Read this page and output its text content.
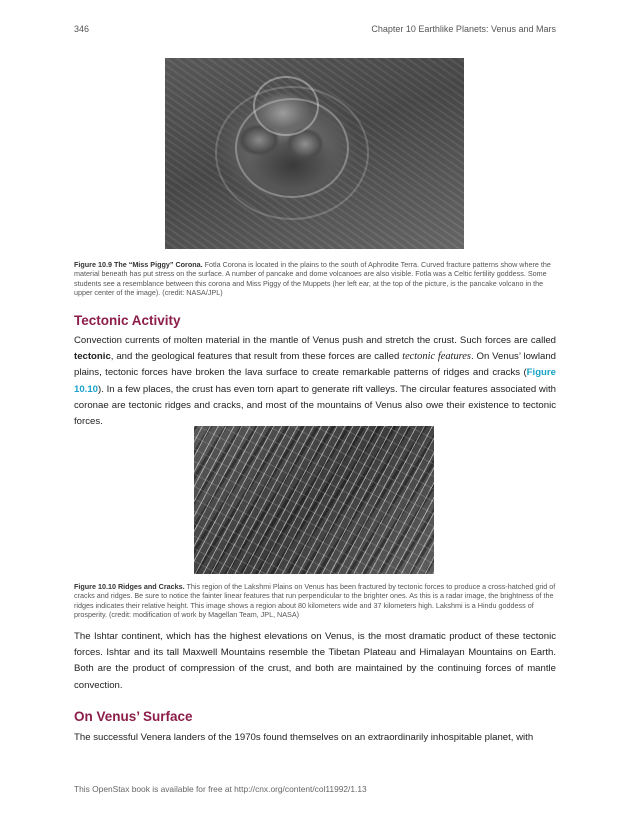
346	Chapter 10 Earthlike Planets: Venus and Mars
Figure 10.9 The “Miss Piggy” Corona. Fotla Corona is located in the plains to the south of Aphrodite Terra. Curved fracture patterns show where the material beneath has put stress on the surface. A number of pancake and dome volcanoes are also visible. Fotla was a Celtic fertility goddess. Some students see a resemblance between this corona and Miss Piggy of the Muppets (her left ear, at the top of the picture, is the pancake volcano in the upper center of the image). (credit: NASA/JPL)
Tectonic Activity

Convection currents of molten material in the mantle of Venus push and stretch the crust. Such forces are called tectonic, and the geological features that result from these forces are called tectonic features. On Venus’ lowland plains, tectonic forces have broken the lava surface to create remarkable patterns of ridges and cracks (Figure 10.10). In a few places, the crust has even torn apart to generate rift valleys. The circular features associated with coronae are tectonic ridges and cracks, and most of the mountains of Venus also owe their existence to tectonic forces.

Figure 10.10 Ridges and Cracks. This region of the Lakshmi Plains on Venus has been fractured by tectonic forces to produce a cross-hatched grid of cracks and ridges. Be sure to notice the fainter linear features that run perpendicular to the brighter ones. As this is a radar image, the brightness of the ridges indicates their relative height. This image shows a region about 80 kilometers wide and 37 kilometers high. Lakshmi is a Hindu goddess of prosperity. (credit: modification of work by Magellan Team, JPL, NASA)

The Ishtar continent, which has the highest elevations on Venus, is the most dramatic product of these tectonic forces. Ishtar and its tall Maxwell Mountains resemble the Tibetan Plateau and Himalayan Mountains on Earth. Both are the product of compression of the crust, and both are maintained by the continuing forces of mantle convection.

On Venus’ Surface

The successful Venera landers of the 1970s found themselves on an extraordinarily inhospitable planet, with

This OpenStax book is available for free at http://cnx.org/content/col11992/1.13
